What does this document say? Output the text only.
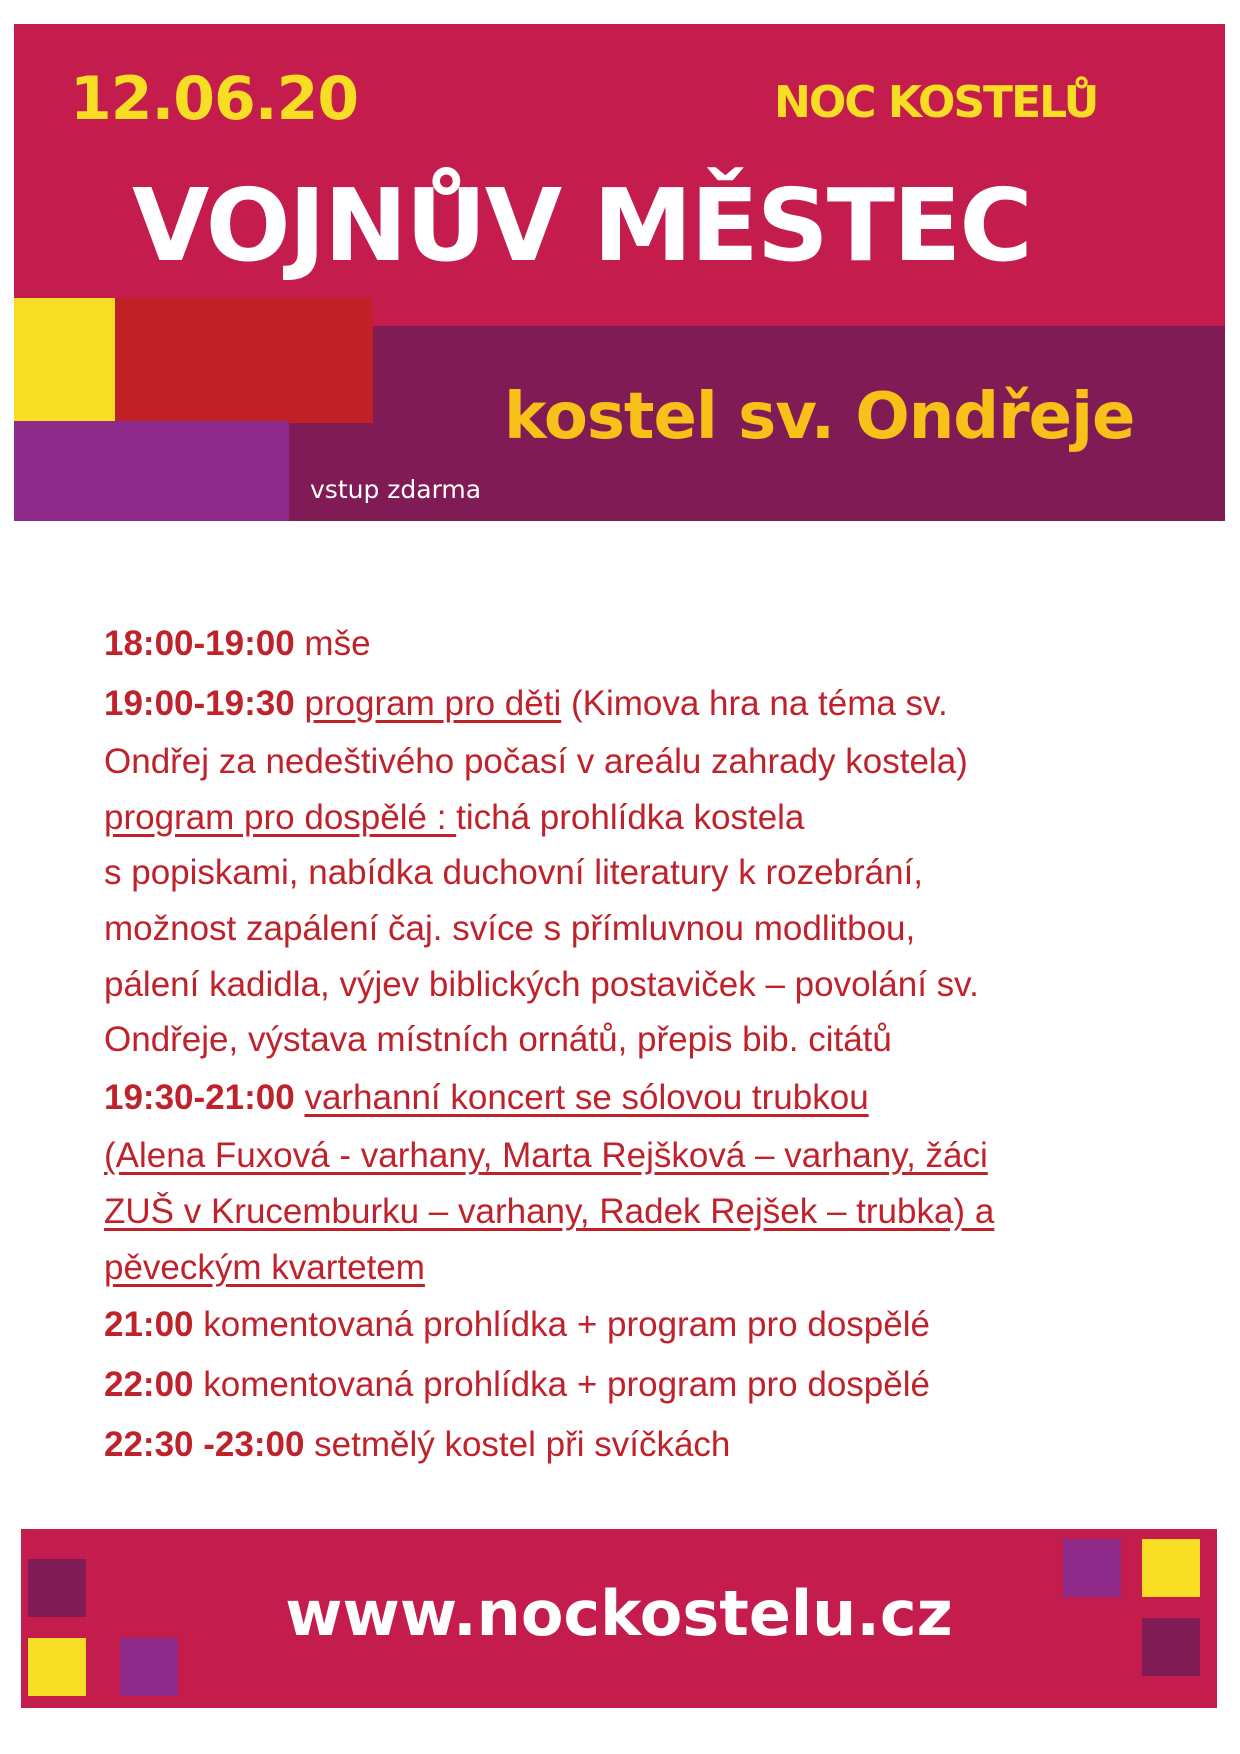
12.06.20	NOC KOSTELŮ
VOJNŮV MĚSTEC
kostel sv. Ondřeje
vstup zdarma
18:00-19:00 mše
19:00-19:30 program pro děti (Kimova hra na téma sv.
Ondřej za nedeštivého počasí v areálu zahrady kostela)
program pro dospělé : tichá prohlídka kostela
s popiskami, nabídka duchovní literatury k rozebrání,
možnost zapálení čaj. svíce s přímluvnou modlitbou,
pálení kadidla, výjev biblických postaviček – povolání sv.
Ondřeje, výstava místních ornátů, přepis bib. citátů
19:30-21:00 varhanní koncert se sólovou trubkou
(Alena Fuxová - varhany, Marta Rejšková – varhany, žáci
ZUŠ v Krucemburku – varhany, Radek Rejšek – trubka) a
pěveckým kvartetem
21:00 komentovaná prohlídka + program pro dospělé
22:00 komentovaná prohlídka + program pro dospělé
22:30 -23:00 setmělý kostel při svíčkách
www.nockostelu.cz
